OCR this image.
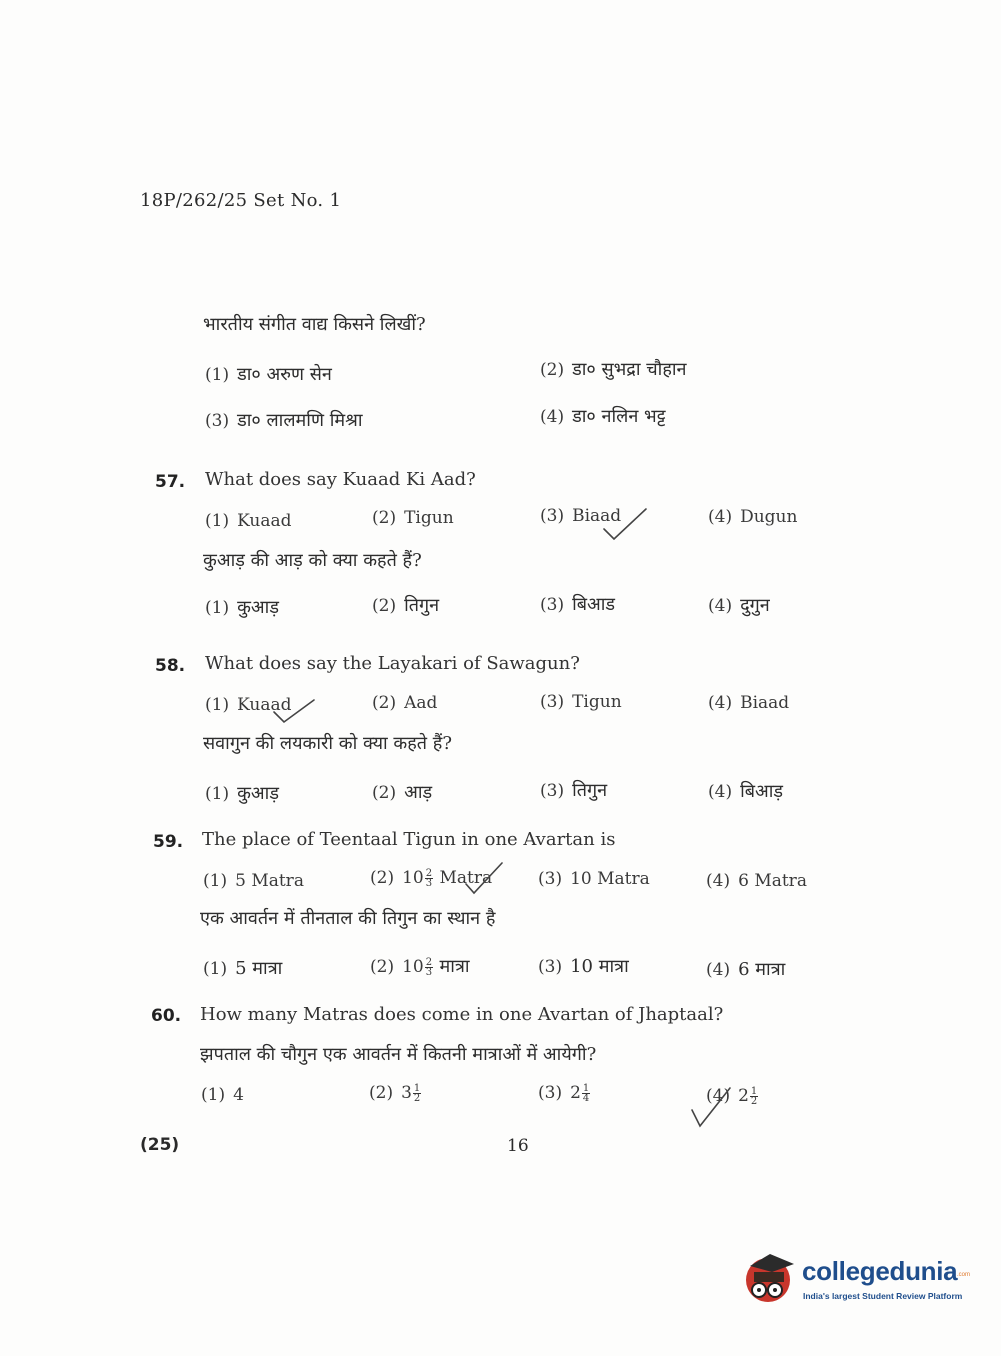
18P/262/25 Set No. 1
भारतीय संगीत वाद्य किसने लिखीं?
(1) डा० अरुण सेन	(2) डा० सुभद्रा चौहान
(3) डा० लालमणि मिश्रा	(4) डा० नलिन भट्ट
57. What does say Kuaad Ki Aad?
(1) Kuaad	(2) Tigun	(3) Biaad	(4) Dugun
कुआड़ की आड़ को क्या कहते हैं?
(1) कुआड़	(2) तिगुन	(3) बिआड	(4) दुगुन
58. What does say the Layakari of Sawagun?
(1) Kuaad	(2) Aad	(3) Tigun	(4) Biaad
सवागुन की लयकारी को क्या कहते हैं?
(1) कुआड़	(2) आड़	(3) तिगुन	(4) बिआड़
59. The place of Teentaal Tigun in one Avartan is
(1) 5 Matra	(2) $10 \frac{2}{3}$ Matra	(3) 10 Matra	(4) 6 Matra
एक आवर्तन में तीनताल की तिगुन का स्थान है
(1) 5 मात्रा	(2) $10 \frac{2}{3}$ मात्रा	(3) 10 मात्रा	(4) 6 मात्रा
60. How many Matras does come in one Avartan of Jhaptaal?
झपताल की चौगुन एक आवर्तन में कितनी मात्राओं में आयेगी?
(1) 4	(2) $3 \frac{1}{2}$	(3) $2 \frac{1}{4}$	(4) $2 \frac{1}{2}$
(25)	16
collegedunia .com
India's largest Student Review Platform
